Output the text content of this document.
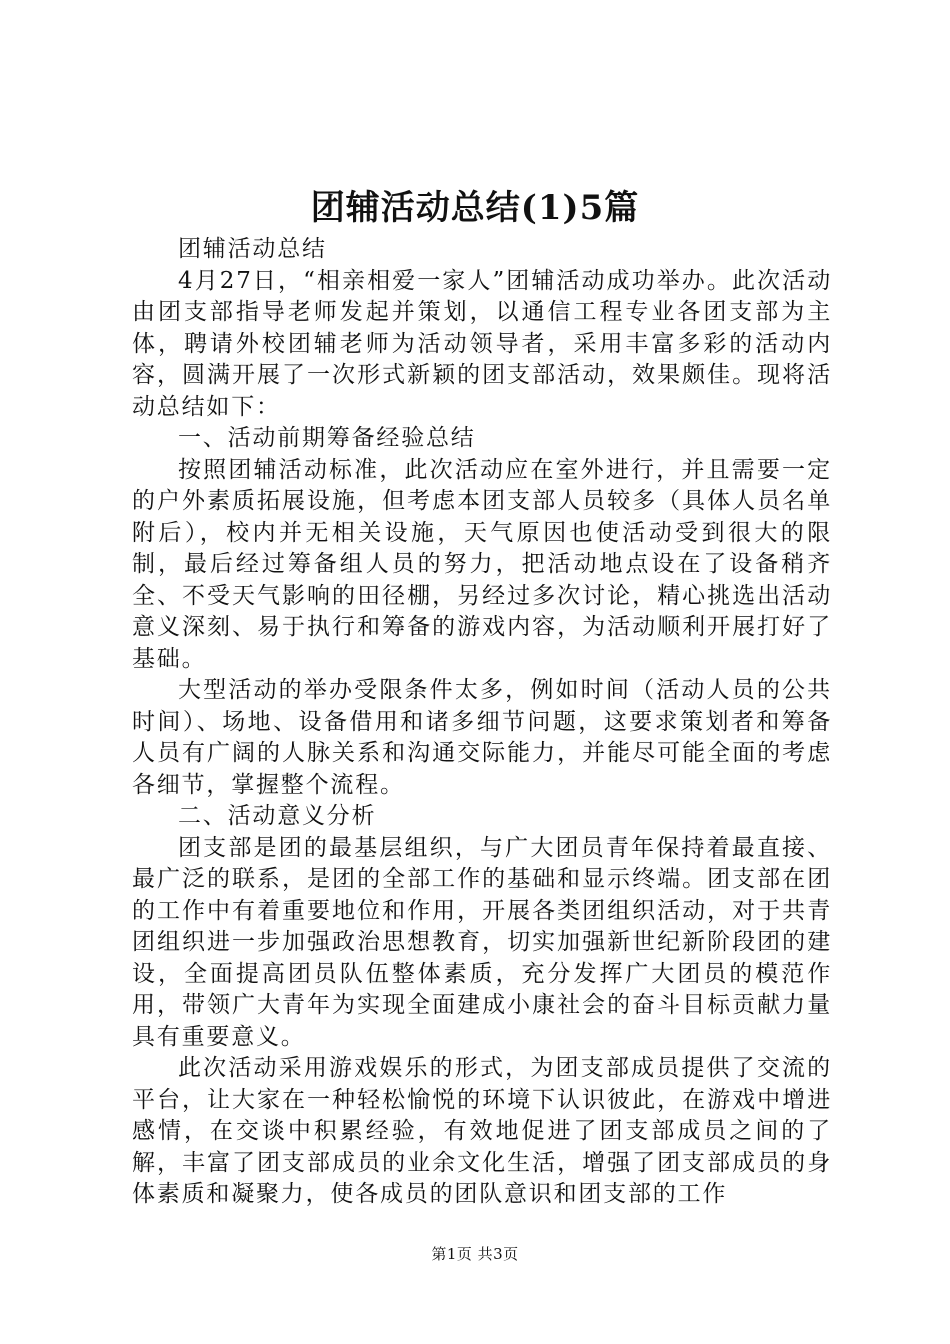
团辅活动总结(1)5篇

团辅活动总结

4月27日，“相亲相爱一家人”团辅活动成功举办。此次活动由团支部指导老师发起并策划，以通信工程专业各团支部为主体，聘请外校团辅老师为活动领导者，采用丰富多彩的活动内容，圆满开展了一次形式新颖的团支部活动，效果颇佳。现将活动总结如下：

一、活动前期筹备经验总结

按照团辅活动标准，此次活动应在室外进行，并且需要一定的户外素质拓展设施，但考虑本团支部人员较多（具体人员名单附后），校内并无相关设施，天气原因也使活动受到很大的限制，最后经过筹备组人员的努力，把活动地点设在了设备稍齐全、不受天气影响的田径棚，另经过多次讨论，精心挑选出活动意义深刻、易于执行和筹备的游戏内容，为活动顺利开展打好了基础。

大型活动的举办受限条件太多，例如时间（活动人员的公共时间）、场地、设备借用和诸多细节问题，这要求策划者和筹备人员有广阔的人脉关系和沟通交际能力，并能尽可能全面的考虑各细节，掌握整个流程。

二、活动意义分析

团支部是团的最基层组织，与广大团员青年保持着最直接、最广泛的联系，是团的全部工作的基础和显示终端。团支部在团的工作中有着重要地位和作用，开展各类团组织活动，对于共青团组织进一步加强政治思想教育，切实加强新世纪新阶段团的建设，全面提高团员队伍整体素质，充分发挥广大团员的模范作用，带领广大青年为实现全面建成小康社会的奋斗目标贡献力量具有重要意义。

此次活动采用游戏娱乐的形式，为团支部成员提供了交流的平台，让大家在一种轻松愉悦的环境下认识彼此，在游戏中增进感情，在交谈中积累经验，有效地促进了团支部成员之间的了解，丰富了团支部成员的业余文化生活，增强了团支部成员的身体素质和凝聚力，使各成员的团队意识和团支部的工作

第1页 共3页
